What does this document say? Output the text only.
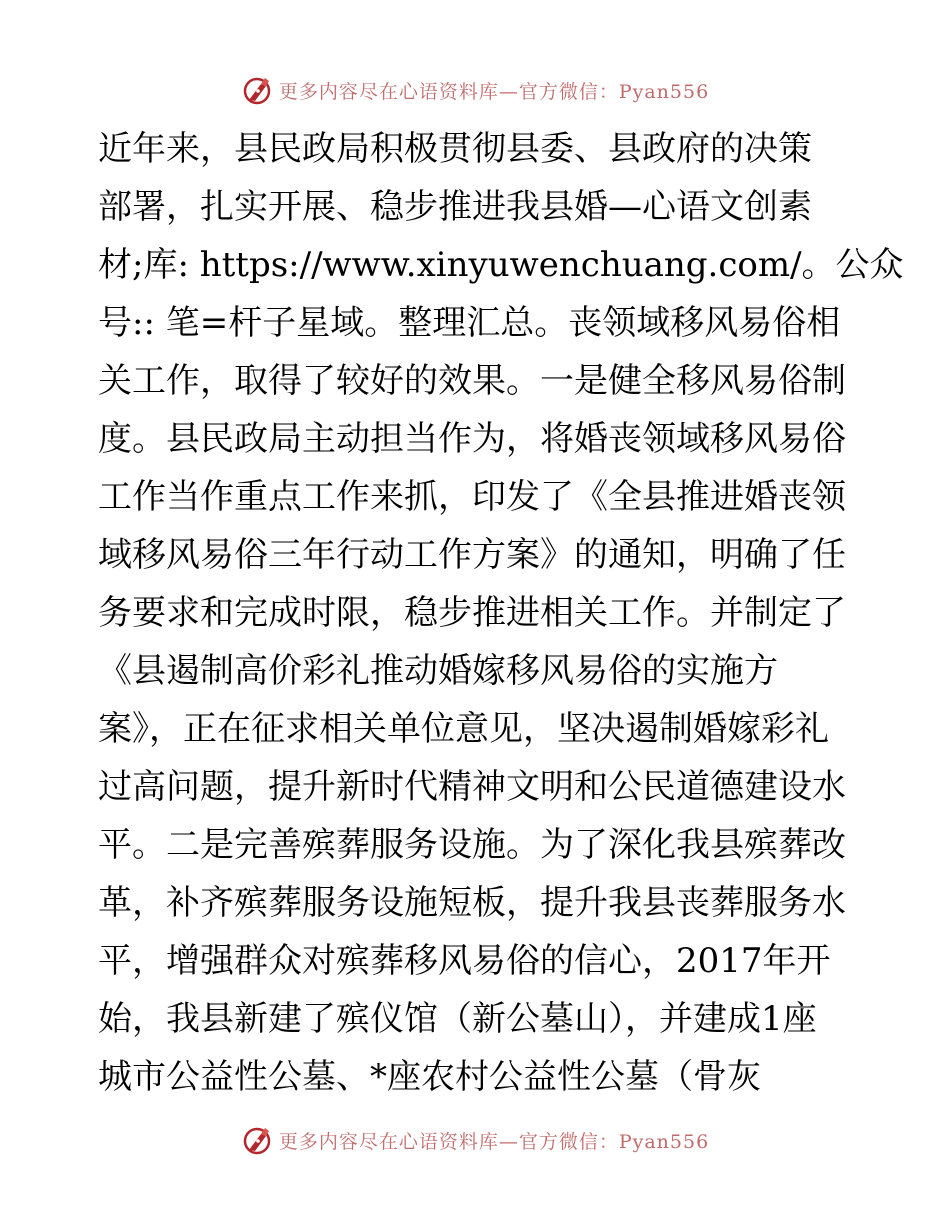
更多内容尽在心语资料库—官方微信：Pyan556
近年来，县民政局积极贯彻县委、县政府的决策
部署，扎实开展、稳步推进我县婚—心语文创素
材;库: https://www.xinyuwenchuang.com/。公众
号:: 笔=杆子星域。整理汇总。丧领域移风易俗相
关工作，取得了较好的效果。一是健全移风易俗制
度。县民政局主动担当作为，将婚丧领域移风易俗
工作当作重点工作来抓，印发了《全县推进婚丧领
域移风易俗三年行动工作方案》的通知，明确了任
务要求和完成时限，稳步推进相关工作。并制定了
《县遏制高价彩礼推动婚嫁移风易俗的实施方
案》，正在征求相关单位意见，坚决遏制婚嫁彩礼
过高问题，提升新时代精神文明和公民道德建设水
平。二是完善殡葬服务设施。为了深化我县殡葬改
革，补齐殡葬服务设施短板，提升我县丧葬服务水
平，增强群众对殡葬移风易俗的信心，2017年开
始，我县新建了殡仪馆（新公墓山），并建成1座
城市公益性公墓、*座农村公益性公墓（骨灰
更多内容尽在心语资料库—官方微信：Pyan556
